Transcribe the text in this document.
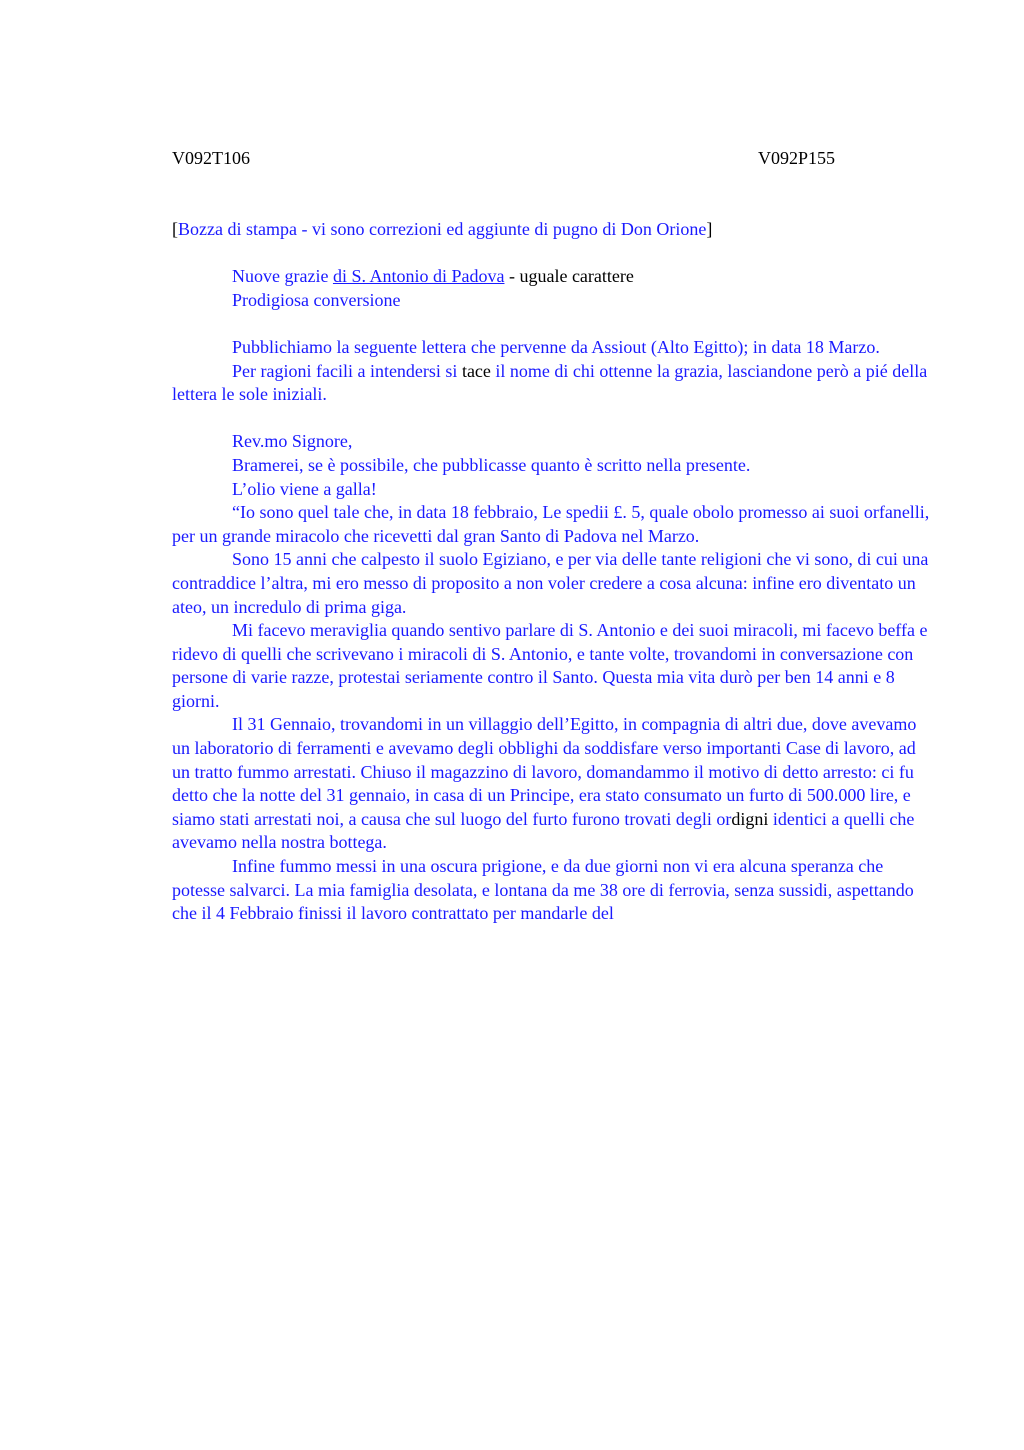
V092T106	V092P155

[Bozza di stampa - vi sono correzioni ed aggiunte di pugno di Don Orione]

Nuove grazie di S. Antonio di Padova - uguale carattere

Prodigiosa conversione

Pubblichiamo la seguente lettera che pervenne da Assiout (Alto Egitto); in data 18 Marzo.

Per ragioni facili a intendersi si tace il nome di chi ottenne la grazia, lasciandone però a pié della lettera le sole iniziali.

Rev.mo Signore,

Bramerei, se è possibile, che pubblicasse quanto è scritto nella presente.

L’olio viene a galla!

“Io sono quel tale che, in data 18 febbraio, Le spedii £. 5, quale obolo promesso ai suoi orfanelli, per un grande miracolo che ricevetti dal gran Santo di Padova nel Marzo.

Sono 15 anni che calpesto il suolo Egiziano, e per via delle tante religioni che vi sono, di cui una contraddice l’altra, mi ero messo di proposito a non voler credere a cosa alcuna: infine ero diventato un ateo, un incredulo di prima giga.

Mi facevo meraviglia quando sentivo parlare di S. Antonio e dei suoi miracoli, mi facevo beffa e ridevo di quelli che scrivevano i miracoli di S. Antonio, e tante volte, trovandomi in conversazione con persone di varie razze, protestai seriamente contro il Santo. Questa mia vita durò per ben 14 anni e 8 giorni.

Il 31 Gennaio, trovandomi in un villaggio dell’Egitto, in compagnia di altri due, dove avevamo un laboratorio di ferramenti e avevamo degli obblighi da soddisfare verso importanti Case di lavoro, ad un tratto fummo arrestati. Chiuso il magazzino di lavoro, domandammo il motivo di detto arresto: ci fu detto che la notte del 31 gennaio, in casa di un Principe, era stato consumato un furto di 500.000 lire, e siamo stati arrestati noi, a causa che sul luogo del furto furono trovati degli ordigni identici a quelli che avevamo nella nostra bottega.

Infine fummo messi in una oscura prigione, e da due giorni non vi era alcuna speranza che potesse salvarci. La mia famiglia desolata, e lontana da me 38 ore di ferrovia, senza sussidi, aspettando che il 4 Febbraio finissi il lavoro contrattato per mandarle del
